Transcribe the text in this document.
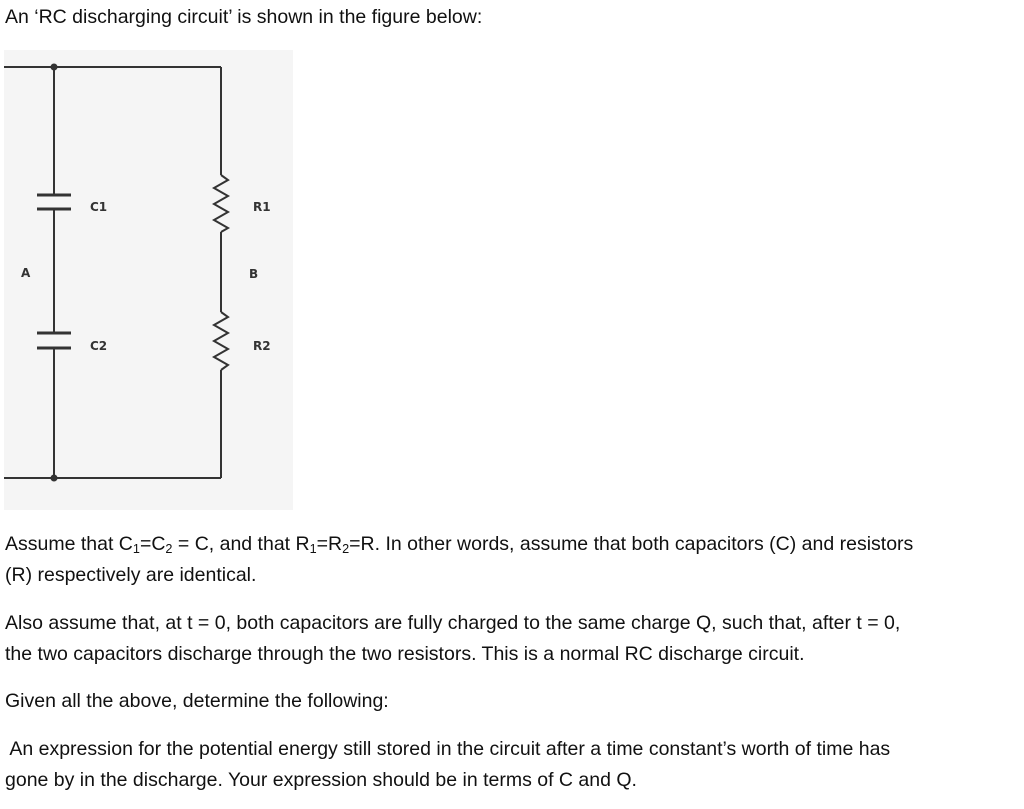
An ‘RC discharging circuit’ is shown in the figure below:

C1
C2
R1
R2
A	B

Assume that $C_1=C_2 = C$, and that $R_1=R_2=R$. In other words, assume that both capacitors (C) and resistors
(R) respectively are identical.

Also assume that, at t = 0, both capacitors are fully charged to the same charge Q, such that, after t = 0,
the two capacitors discharge through the two resistors. This is a normal RC discharge circuit.

Given all the above, determine the following:

An expression for the potential energy still stored in the circuit after a time constant’s worth of time has
gone by in the discharge. Your expression should be in terms of C and Q.
